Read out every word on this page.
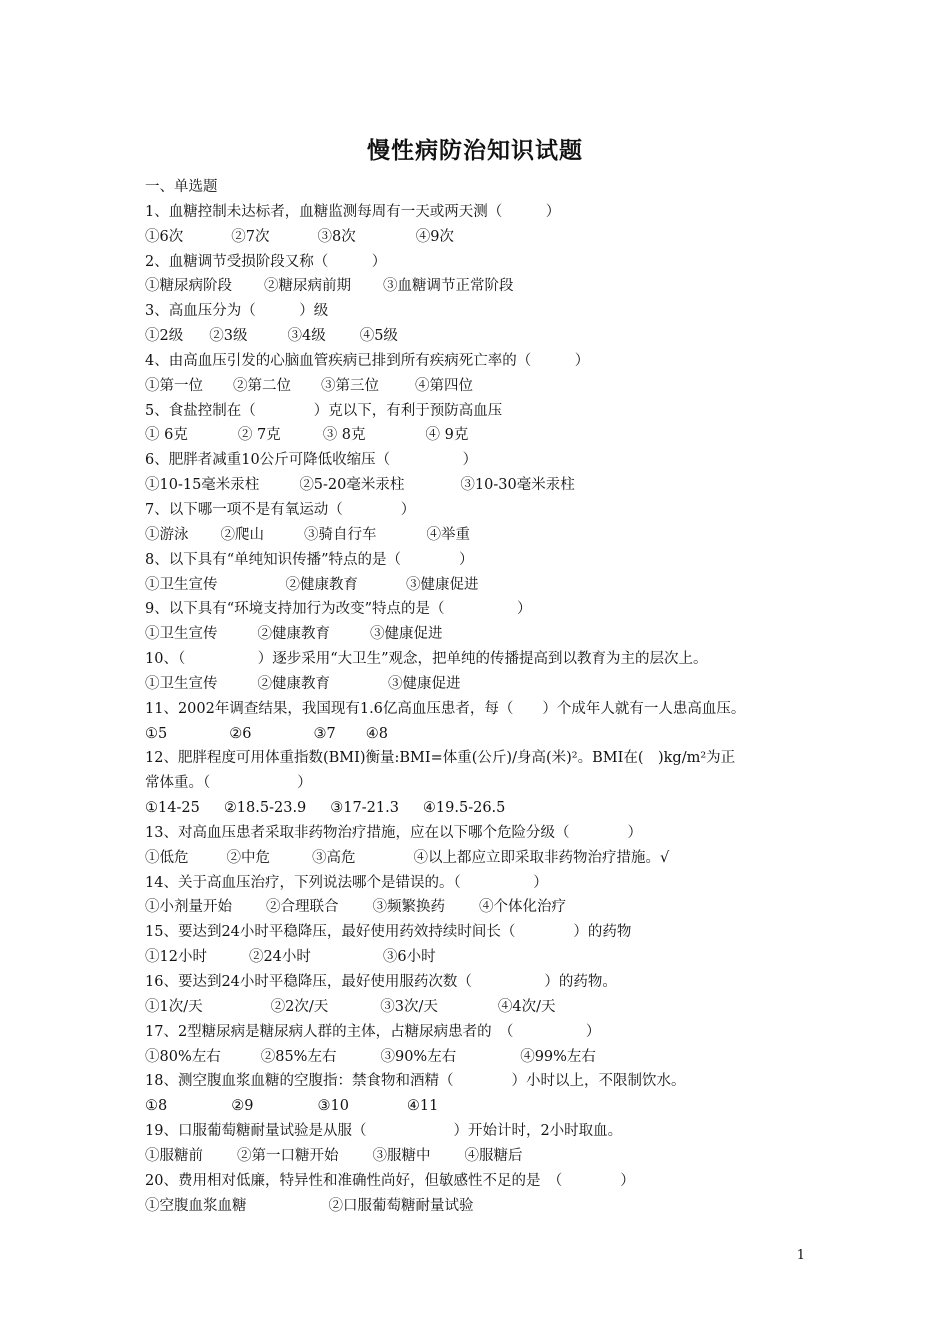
慢性病防治知识试题
一、单选题
1、血糖控制未达标者，血糖监测每周有一天或两天测（　　　）
①6次	②7次	③8次	④9次
2、血糖调节受损阶段又称（　　　）
①糖尿病阶段 ②糖尿病前期 ③血糖调节正常阶段
3、高血压分为（　　　）级
①2级 ②3级	③4级 ④5级
4、由高血压引发的心脑血管疾病已排到所有疾病死亡率的（　　　）
①第一位 ②第二位 ③第三位 ④第四位
5、食盐控制在（　　　　）克以下，有利于预防高血压
① 6克	② 7克	③ 8克	④ 9克
6、肥胖者减重10公斤可降低收缩压（　　　　　）
①10-15毫米汞柱	②5-20毫米汞柱	③10-30毫米汞柱
7、以下哪一项不是有氧运动（　　　　）
①游泳 ②爬山	③骑自行车	④举重
8、以下具有“单纯知识传播”特点的是（　　　　）
①卫生宣传	②健康教育	③健康促进
9、以下具有“环境支持加行为改变”特点的是（　　　　　）
①卫生宣传	②健康教育	③健康促进
10、（　　　　　）逐步采用“大卫生”观念，把单纯的传播提高到以教育为主的层次上。
①卫生宣传	②健康教育	③健康促进
11、2002年调查结果，我国现有1.6亿高血压患者，每（　　）个成年人就有一人患高血压。
①5	②6	③7 ④8
12、肥胖程度可用体重指数(BMI)衡量:BMI=体重(公斤)/身高(米)²。BMI在(　)kg/m²为正
常体重。（　　　　　　）
①14-25 ②18.5-23.9 ③17-21.3 ④19.5-26.5
13、对高血压患者采取非药物治疗措施，应在以下哪个危险分级（　　　　）
①低危	②中危	③高危	④以上都应立即采取非药物治疗措施。√
14、关于高血压治疗，下列说法哪个是错误的。（　　　　　）
①小剂量开始 ②合理联合 ③频繁换药 ④个体化治疗
15、要达到24小时平稳降压，最好使用药效持续时间长（　　　　）的药物
①12小时	②24小时	③6小时
16、要达到24小时平稳降压，最好使用服药次数（　　　　　）的药物。
①1次/天	②2次/天	③3次/天	④4次/天
17、2型糖尿病是糖尿病人群的主体，占糖尿病患者的　（　　　　　）
①80%左右	②85%左右	③90%左右	④99%左右
18、测空腹血浆血糖的空腹指：禁食物和酒精（　　　　）小时以上，不限制饮水。
①8	②9	③10	④11
19、口服葡萄糖耐量试验是从服（　　　　　　）开始计时，2小时取血。
①服糖前 ②第一口糖开始 ③服糖中 ④服糖后
20、费用相对低廉，特异性和准确性尚好，但敏感性不足的是　（　　　　）
①空腹血浆血糖	②口服葡萄糖耐量试验
1
